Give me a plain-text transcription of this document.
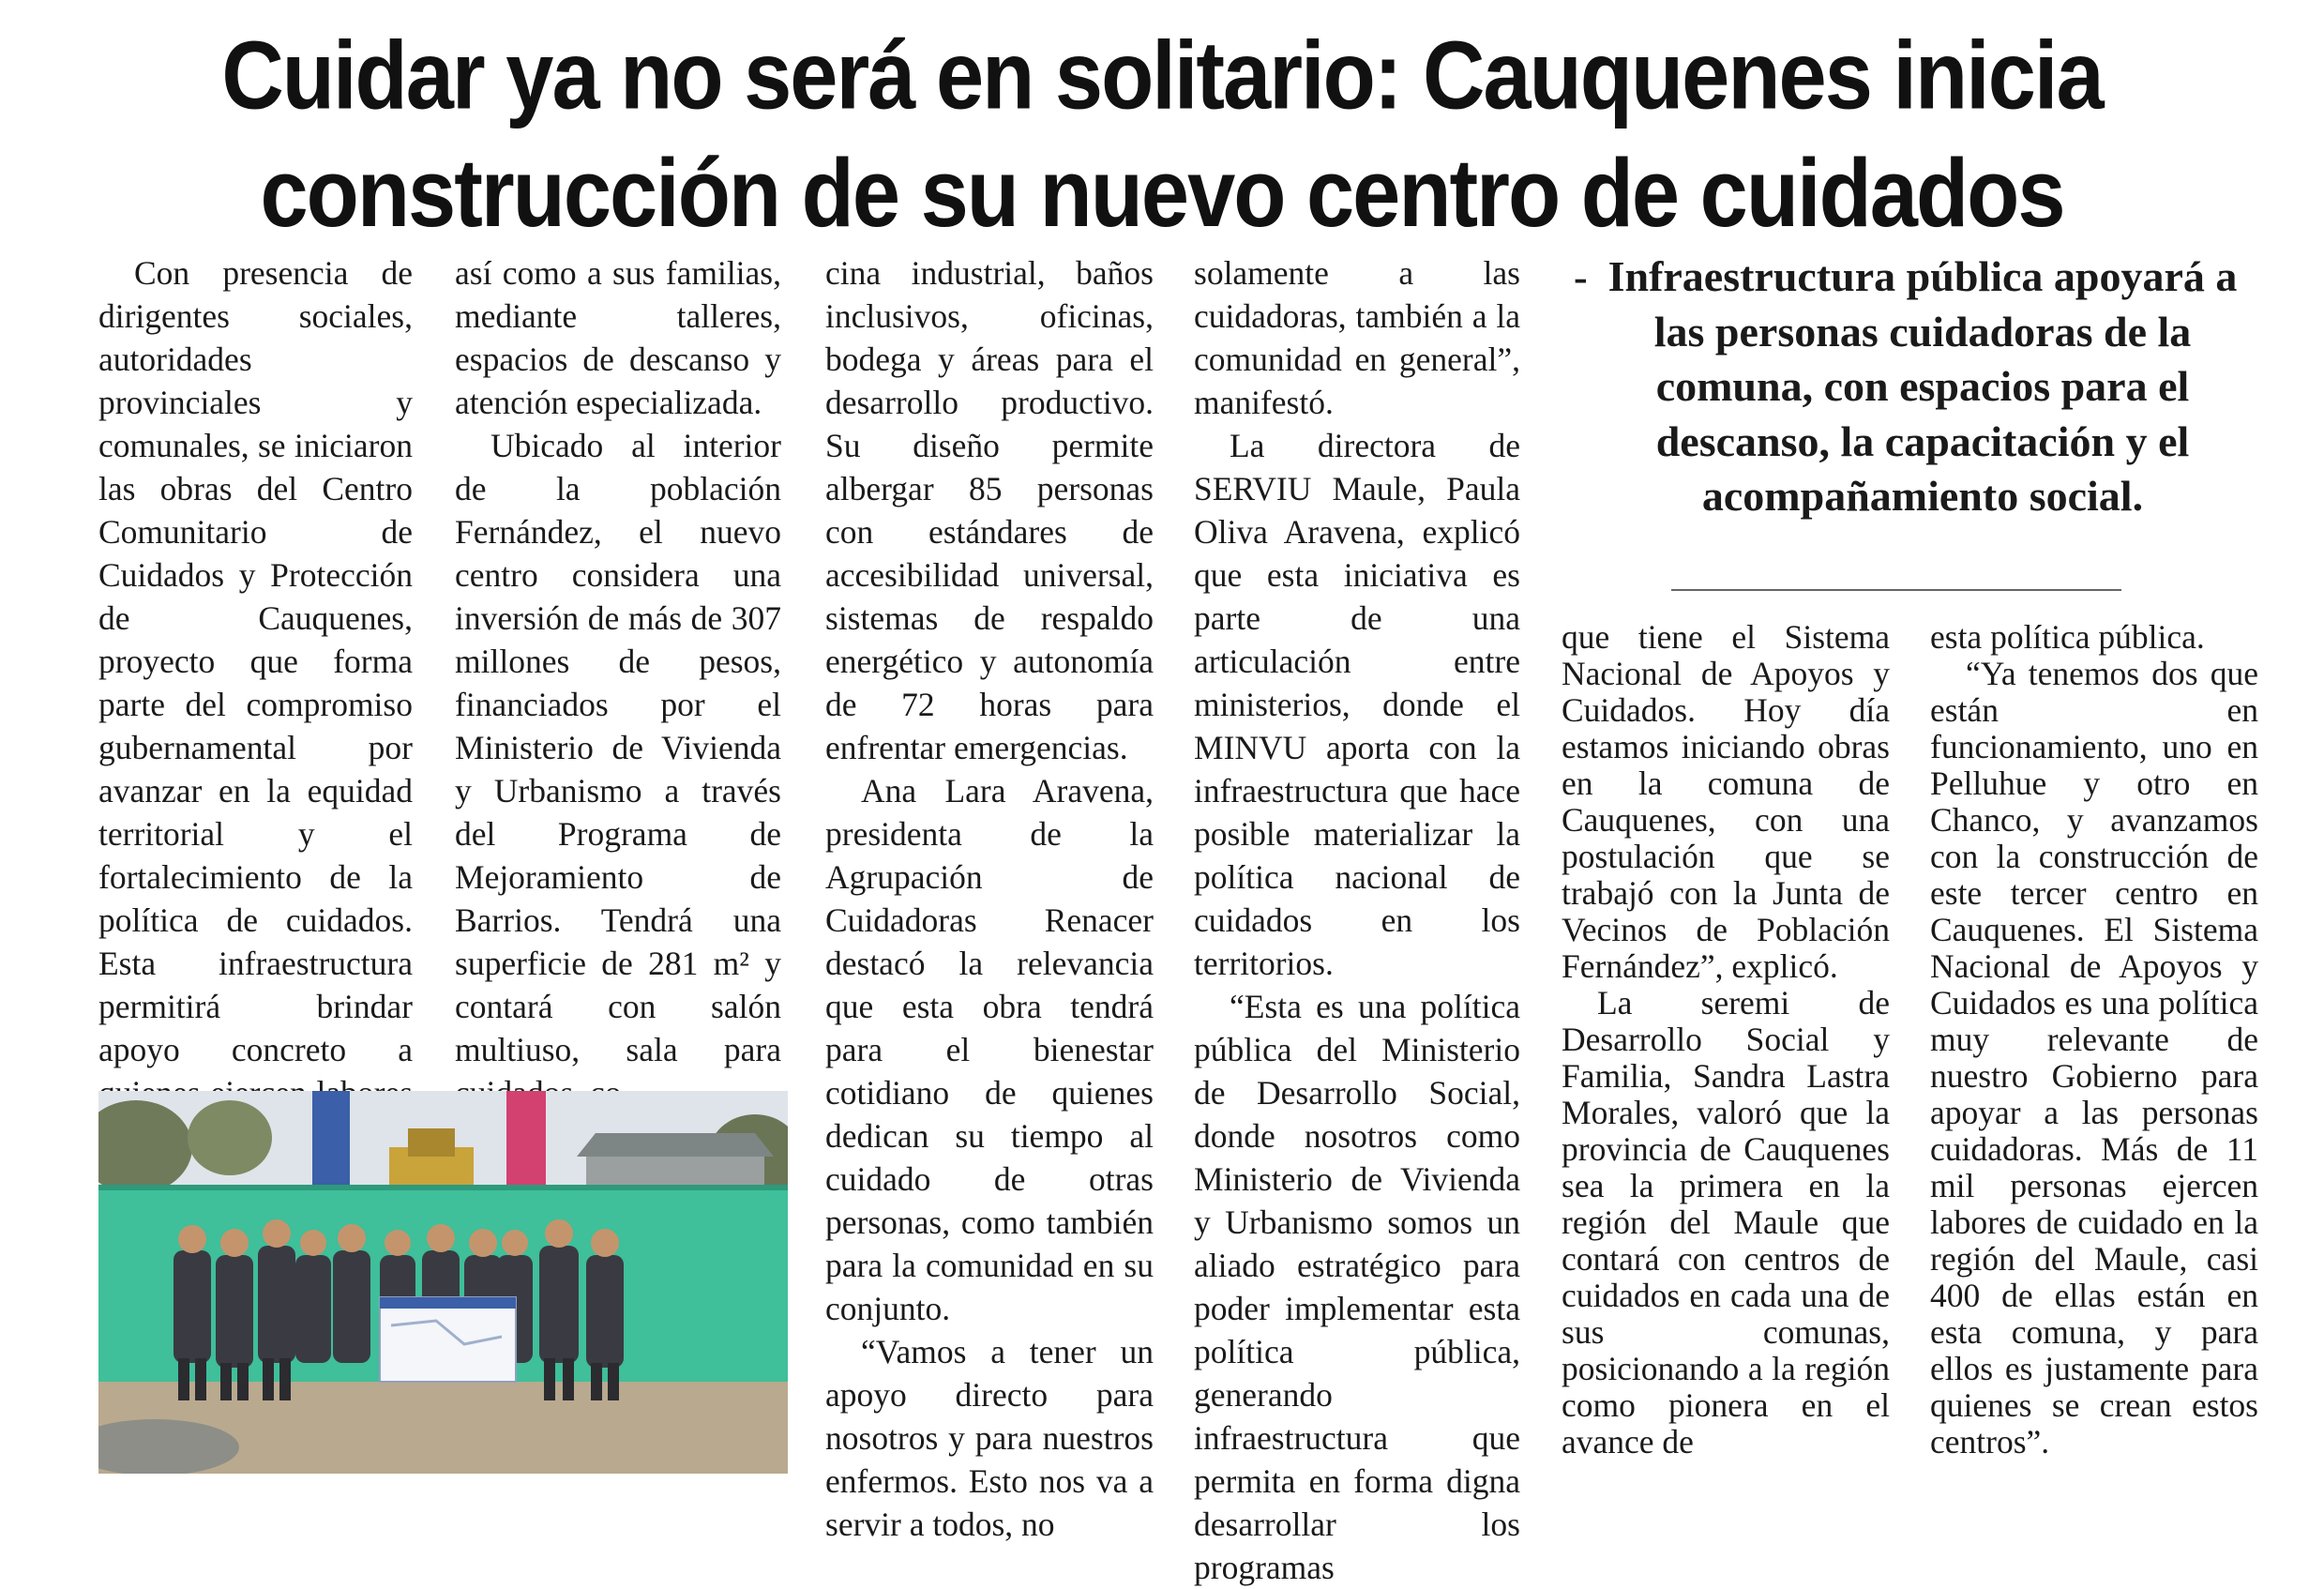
Cuidar ya no será en solitario: Cauquenes inicia construcción de su nuevo centro de cuidados

Con presencia de dirigentes sociales, autoridades provinciales y comunales, se iniciaron las obras del Centro Comunitario de Cuidados y Protección de Cauquenes, proyecto que forma parte del compromiso gubernamental por avanzar en la equidad territorial y el fortalecimiento de la política de cuidados. Esta infraestructura permitirá brindar apoyo concreto a

así como a sus familias, mediante talleres, espacios de descanso y atención especializada.

Ubicado al interior de la población Fernández, el nuevo centro considera una inversión de más de 307 millones de pesos, financiados por el Ministerio de Vivienda y Urbanismo a través del Programa de Mejoramiento de Barrios. Tendrá una superficie de 281 m² y contará con salón multiuso, sala para

cina industrial, baños inclusivos, oficinas, bodega y áreas para el desarrollo productivo. Su diseño permite albergar 85 personas con estándares de accesibilidad universal, sistemas de respaldo energético y autonomía de 72 horas para enfrentar emergencias.

Ana Lara Aravena, presidenta de la Agrupación de Cuidadoras Renacer destacó la relevancia que esta obra tendrá para el bienestar cotidiano de quienes dedican su tiempo al cuidado de otras personas, como también para la comunidad en su conjunto.

“Vamos a tener un apoyo directo para nosotros y para nuestros enfermos. Esto nos va a servir a todos, no

solamente a las cuidadoras, también a la comunidad en general”, manifestó.

La directora de SERVIU Maule, Paula Oliva Aravena, explicó que esta iniciativa es parte de una articulación entre ministerios, donde el MINVU aporta con la infraestructura que hace posible materializar la política nacional de cuidados en los territorios.

“Esta es una política pública del Ministerio de Desarrollo Social, donde nosotros como Ministerio de Vivienda y Urbanismo somos un aliado estratégico para poder implementar esta política pública, generando infraestructura que permita en forma digna desarrollar los programas

- Infraestructura pública apoyará a las personas cuidadoras de la comuna, con espacios para el descanso, la capacitación y el acompañamiento social.

que tiene el Sistema Nacional de Apoyos y Cuidados. Hoy día estamos iniciando obras en la comuna de Cauquenes, con una postulación que se trabajó con la Junta de Vecinos de Población Fernández”, explicó.

La seremi de Desarrollo Social y Familia, Sandra Lastra Morales, valoró que la provincia de Cauquenes sea la primera en la región del Maule que contará con centros de cuidados en cada una de sus comunas, posicionando a la región como pionera en el avance de

esta política pública.

“Ya tenemos dos que están en funcionamiento, uno en Pelluhue y otro en Chanco, y avanzamos con la construcción de este tercer centro en Cauquenes. El Sistema Nacional de Apoyos y Cuidados es una política muy relevante de nuestro Gobierno para apoyar a las personas cuidadoras. Más de 11 mil personas ejercen labores de cuidado en la región del Maule, casi 400 de ellas están en esta comuna, y para ellos es justamente para quienes se crean estos centros”.
